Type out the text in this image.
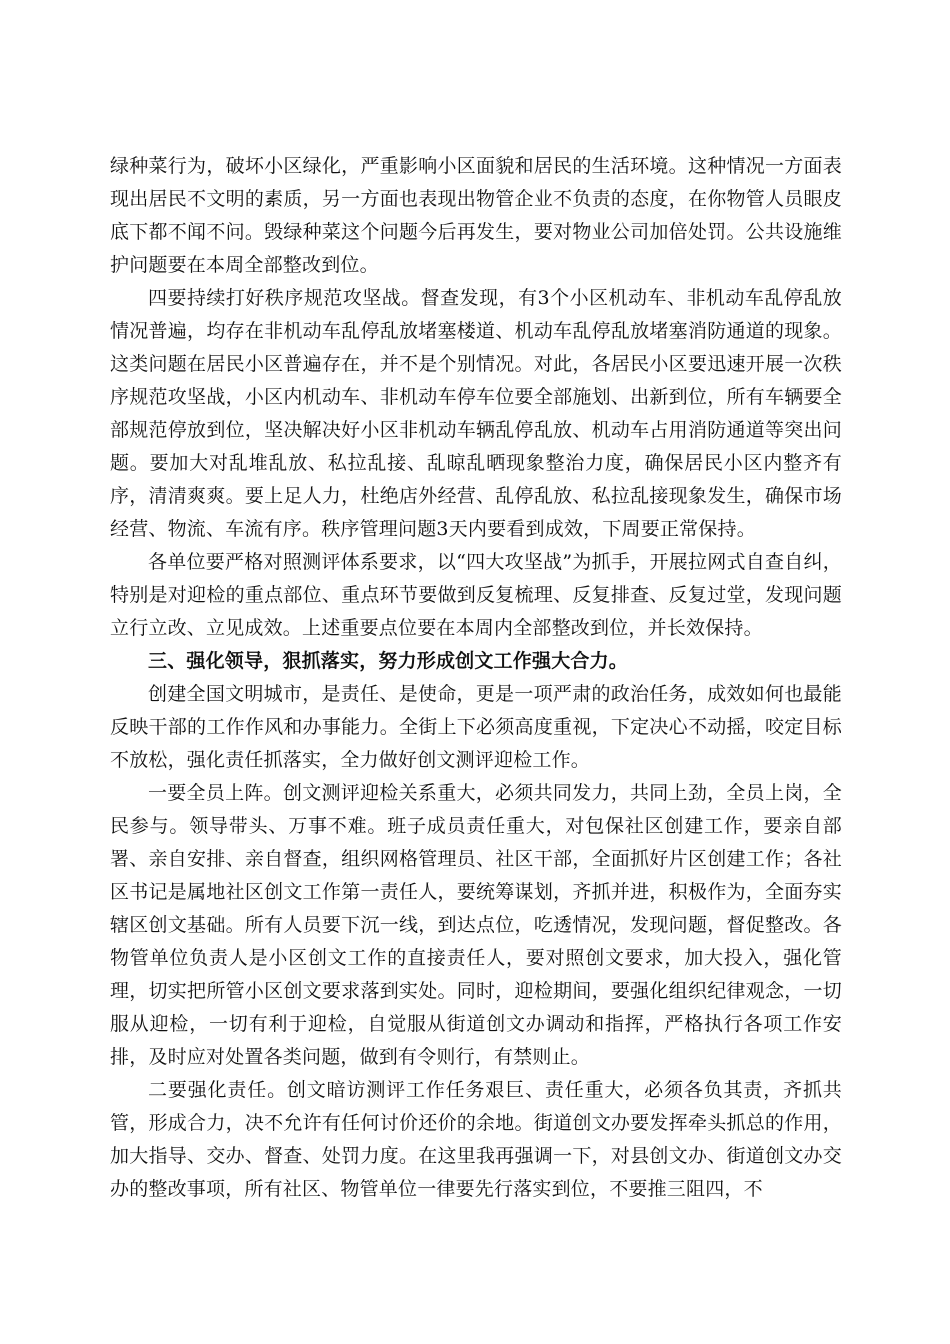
绿种菜行为，破坏小区绿化，严重影响小区面貌和居民的生活环境。这种情况一方面表现出居民不文明的素质，另一方面也表现出物管企业不负责的态度，在你物管人员眼皮底下都不闻不问。毁绿种菜这个问题今后再发生，要对物业公司加倍处罚。公共设施维护问题要在本周全部整改到位。

四要持续打好秩序规范攻坚战。督查发现，有3个小区机动车、非机动车乱停乱放情况普遍，均存在非机动车乱停乱放堵塞楼道、机动车乱停乱放堵塞消防通道的现象。这类问题在居民小区普遍存在，并不是个别情况。对此，各居民小区要迅速开展一次秩序规范攻坚战，小区内机动车、非机动车停车位要全部施划、出新到位，所有车辆要全部规范停放到位，坚决解决好小区非机动车辆乱停乱放、机动车占用消防通道等突出问题。要加大对乱堆乱放、私拉乱接、乱晾乱晒现象整治力度，确保居民小区内整齐有序，清清爽爽。要上足人力，杜绝店外经营、乱停乱放、私拉乱接现象发生，确保市场经营、物流、车流有序。秩序管理问题3天内要看到成效，下周要正常保持。

各单位要严格对照测评体系要求，以“四大攻坚战”为抓手，开展拉网式自查自纠，特别是对迎检的重点部位、重点环节要做到反复梳理、反复排查、反复过堂，发现问题立行立改、立见成效。上述重要点位要在本周内全部整改到位，并长效保持。

三、强化领导，狠抓落实，努力形成创文工作强大合力。

创建全国文明城市，是责任、是使命，更是一项严肃的政治任务，成效如何也最能反映干部的工作作风和办事能力。全街上下必须高度重视，下定决心不动摇，咬定目标不放松，强化责任抓落实，全力做好创文测评迎检工作。

一要全员上阵。创文测评迎检关系重大，必须共同发力，共同上劲，全员上岗，全民参与。领导带头、万事不难。班子成员责任重大，对包保社区创建工作，要亲自部署、亲自安排、亲自督查，组织网格管理员、社区干部，全面抓好片区创建工作；各社区书记是属地社区创文工作第一责任人，要统筹谋划，齐抓并进，积极作为，全面夯实辖区创文基础。所有人员要下沉一线，到达点位，吃透情况，发现问题，督促整改。各物管单位负责人是小区创文工作的直接责任人，要对照创文要求，加大投入，强化管理，切实把所管小区创文要求落到实处。同时，迎检期间，要强化组织纪律观念，一切服从迎检，一切有利于迎检，自觉服从街道创文办调动和指挥，严格执行各项工作安排，及时应对处置各类问题，做到有令则行，有禁则止。

二要强化责任。创文暗访测评工作任务艰巨、责任重大，必须各负其责，齐抓共管，形成合力，决不允许有任何讨价还价的余地。街道创文办要发挥牵头抓总的作用，加大指导、交办、督查、处罚力度。在这里我再强调一下，对县创文办、街道创文办交办的整改事项，所有社区、物管单位一律要先行落实到位，不要推三阻四，不
